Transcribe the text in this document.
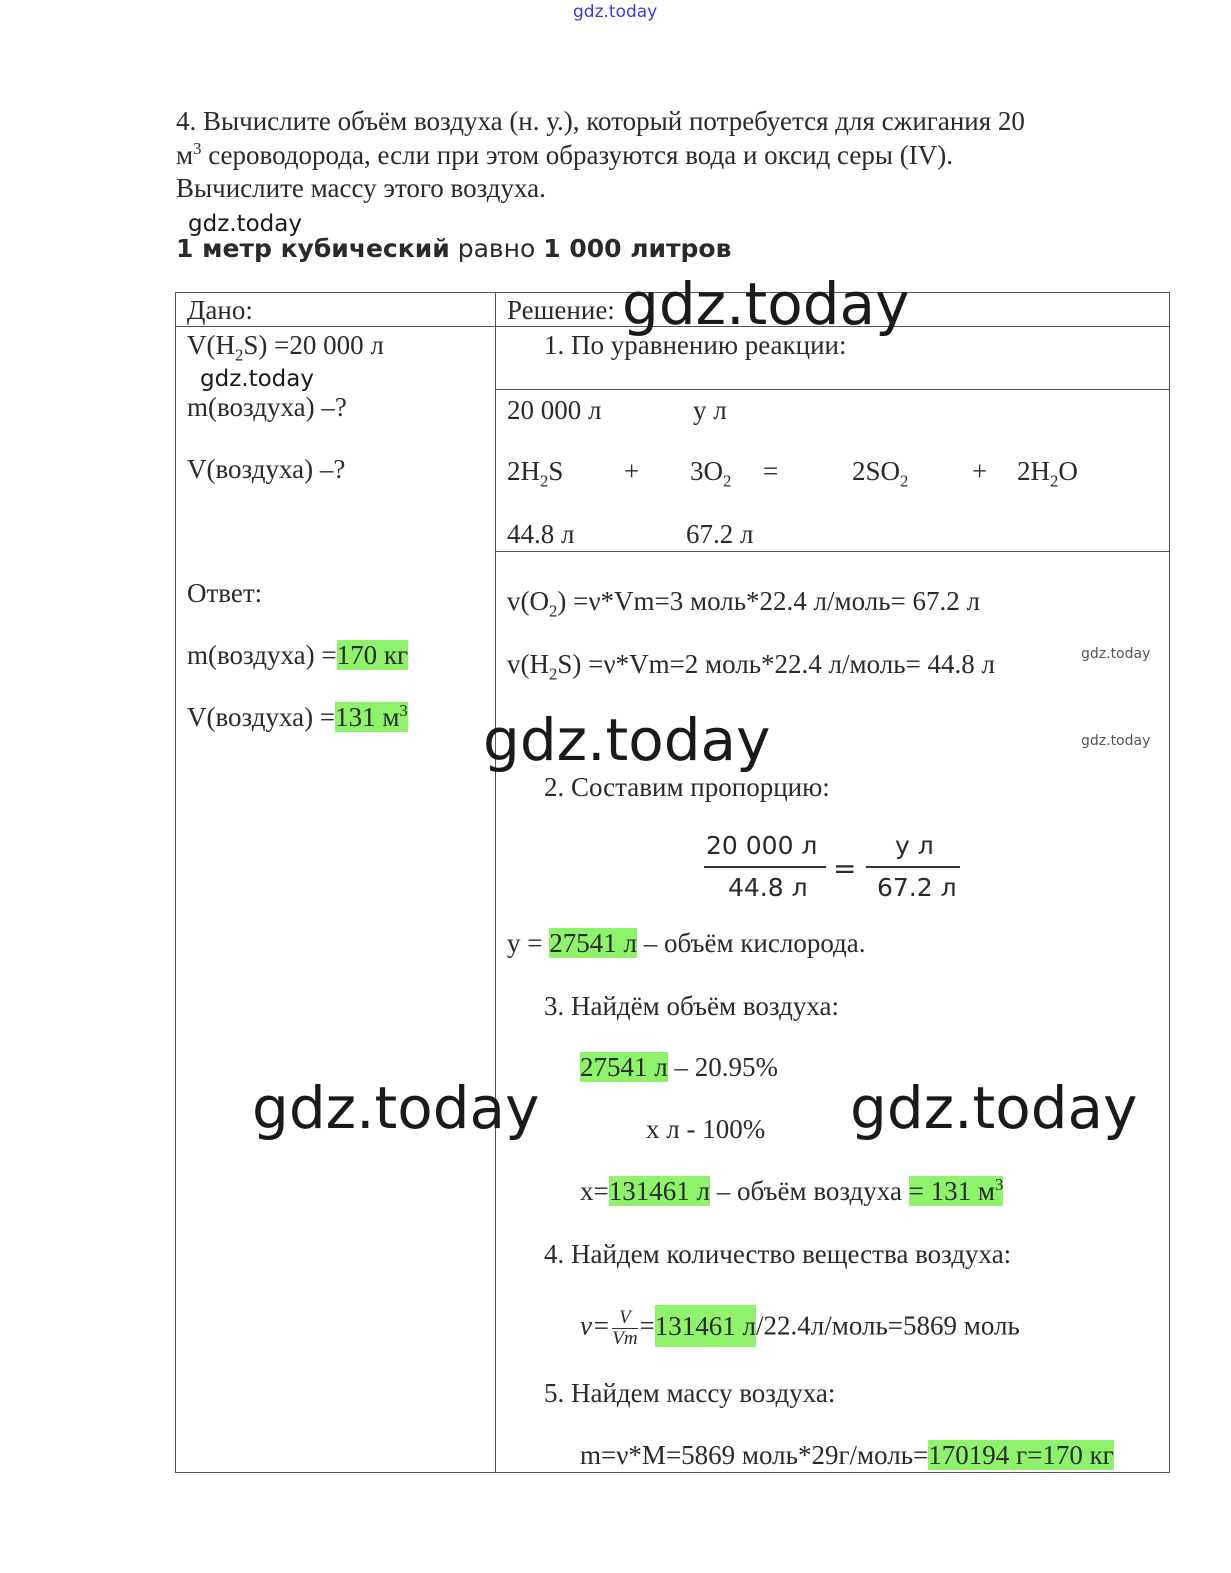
gdz.today
4. Вычислите объём воздуха (н. у.), который потребуется для сжигания 20
$м^3$ сероводорода, если при этом образуются вода и оксид серы (IV).
Вычислите массу этого воздуха.
1 метр кубический равно 1 000 литров
Дано:	Решение:
$V(H_2S) =20$ 000 л
m(воздуха) –?
V(воздуха) –?
Ответ:
m(воздуха) =170 кг
V(воздуха) =131 $м^3$
1. По уравнению реакции:
20 000 л	y л
$2H_2S + 3O_2$ =	$2SO_2 + 2H_2O$
44.8 л	67.2 л
$v(O_2) =\nu*Vm=3$ моль*22.4 л/моль= 67.2 л
$v(H_2S) =\nu*Vm=2$ моль*22.4 л/моль= 44.8 л
2. Составим пропорцию:
20 000 л
44.8 л
=
у л
67.2 л
у = 27541 л – объём кислорода.
3. Найдём объём воздуха:
27541 л – 20.95%
х л - 100%
х=131461 л – объём воздуха = 131 $м^3$
4. Найдем количество вещества воздуха:
$\nu= \frac{V}{Vm} =131461$ л/22.4л/моль=5869 моль
5. Найдем массу воздуха:
m=ν*M=5869 моль*29г/моль=170194 г=170 кг
gdz.today
gdz.today
gdz.today
gdz.today
gdz.today	gdz.today
gdz.today	gdz.today
